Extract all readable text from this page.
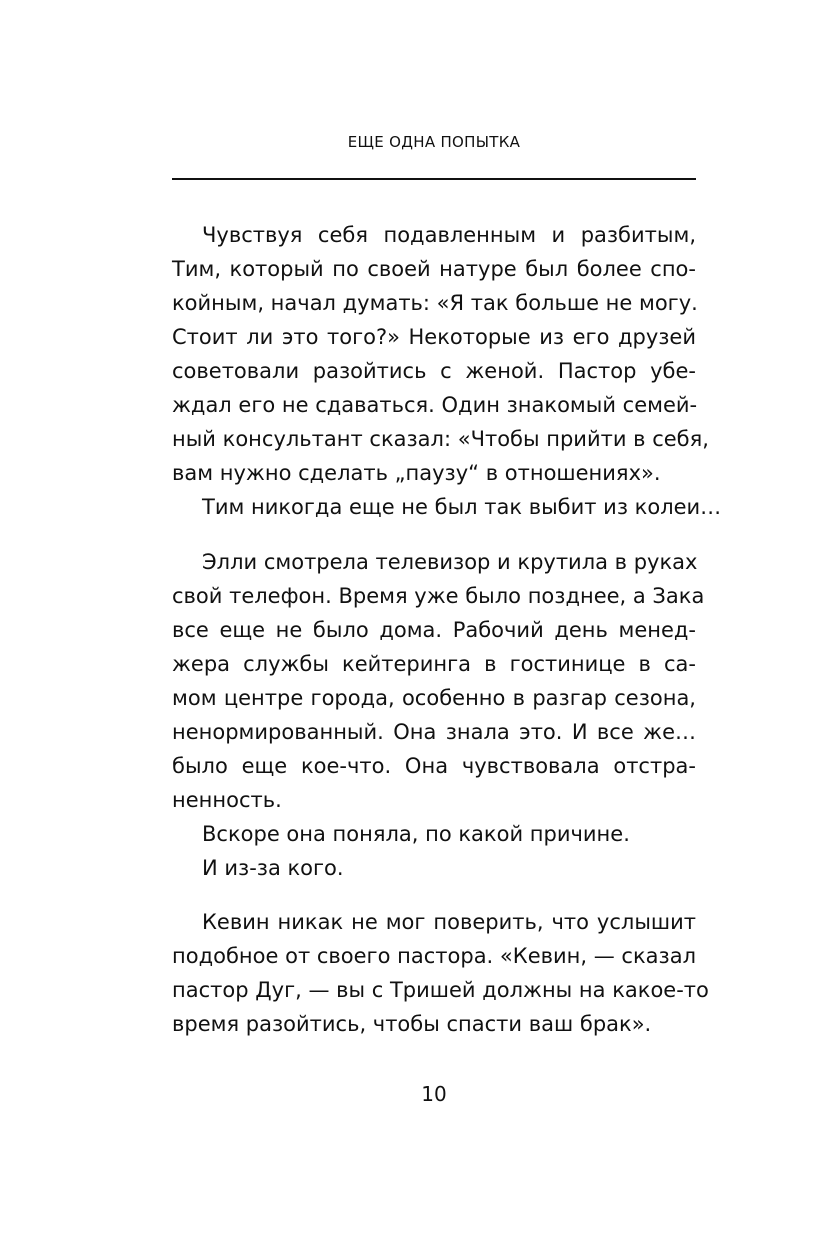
ЕЩЕ ОДНА ПОПЫТКА
Чувствуя себя подавленным и разбитым,
Тим, который по своей натуре был более спо-
койным, начал думать: «Я так больше не могу.
Стоит ли это того?» Некоторые из его друзей
советовали разойтись с женой. Пастор убе-
ждал его не сдаваться. Один знакомый семей-
ный консультант сказал: «Чтобы прийти в себя,
вам нужно сделать „паузу“ в отношениях».
Тим никогда еще не был так выбит из колеи…
Элли смотрела телевизор и крутила в руках
свой телефон. Время уже было позднее, а Зака
все еще не было дома. Рабочий день менед-
жера службы кейтеринга в гостинице в са-
мом центре города, особенно в разгар сезона,
ненормированный. Она знала это. И все же…
было еще кое-что. Она чувствовала отстра-
ненность.
Вскоре она поняла, по какой причине.
И из-за кого.
Кевин никак не мог поверить, что услышит
подобное от своего пастора. «Кевин, — сказал
пастор Дуг, — вы с Тришей должны на какое-то
время разойтись, чтобы спасти ваш брак».
10
